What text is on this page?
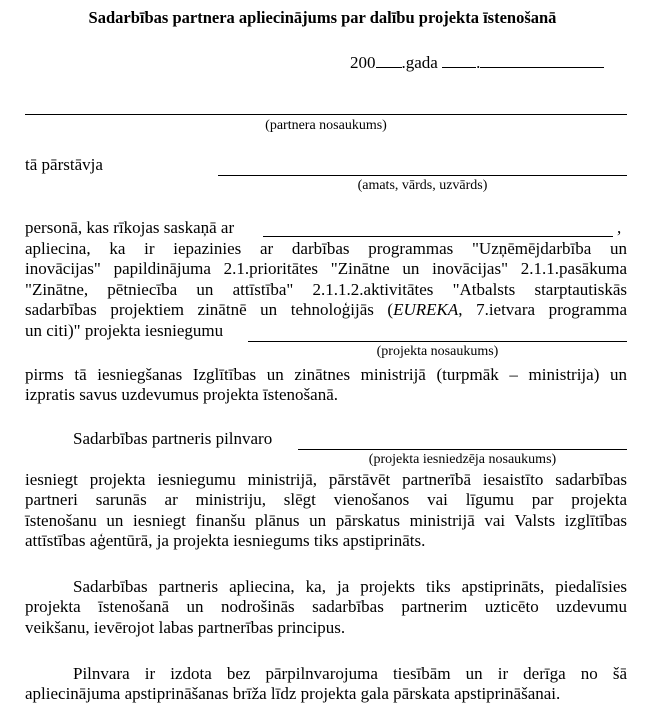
Sadarbības partnera apliecinājums par dalību projekta īstenošanā
200 .gada .
(partnera nosaukums)
tā pārstāvja
(amats, vārds, uzvārds)
personā, kas rīkojas saskaņā ar	,
apliecina, ka ir iepazinies ar darbības programmas "Uzņēmējdarbība un
inovācijas" papildinājuma 2.1.prioritātes "Zinātne un inovācijas" 2.1.1.pasākuma
"Zinātne, pētniecība un attīstība" 2.1.1.2.aktivitātes "Atbalsts starptautiskās
sadarbības projektiem zinātnē un tehnoloģijās (EUREKA, 7.ietvara programma
un citi)" projekta iesniegumu
(projekta nosaukums)
pirms tā iesniegšanas Izglītības un zinātnes ministrijā (turpmāk – ministrija) un
izpratis savus uzdevumus projekta īstenošanā.
Sadarbības partneris pilnvaro
(projekta iesniedzēja nosaukums)
iesniegt projekta iesniegumu ministrijā, pārstāvēt partnerībā iesaistīto sadarbības
partneri sarunās ar ministriju, slēgt vienošanos vai līgumu par projekta
īstenošanu un iesniegt finanšu plānus un pārskatus ministrijā vai Valsts izglītības
attīstības aģentūrā, ja projekta iesniegums tiks apstiprināts.
Sadarbības partneris apliecina, ka, ja projekts tiks apstiprināts, piedalīsies
projekta īstenošanā un nodrošinās sadarbības partnerim uzticēto uzdevumu
veikšanu, ievērojot labas partnerības principus.
Pilnvara ir izdota bez pārpilnvarojuma tiesībām un ir derīga no šā
apliecinājuma apstiprināšanas brīža līdz projekta gala pārskata apstiprināšanai.
